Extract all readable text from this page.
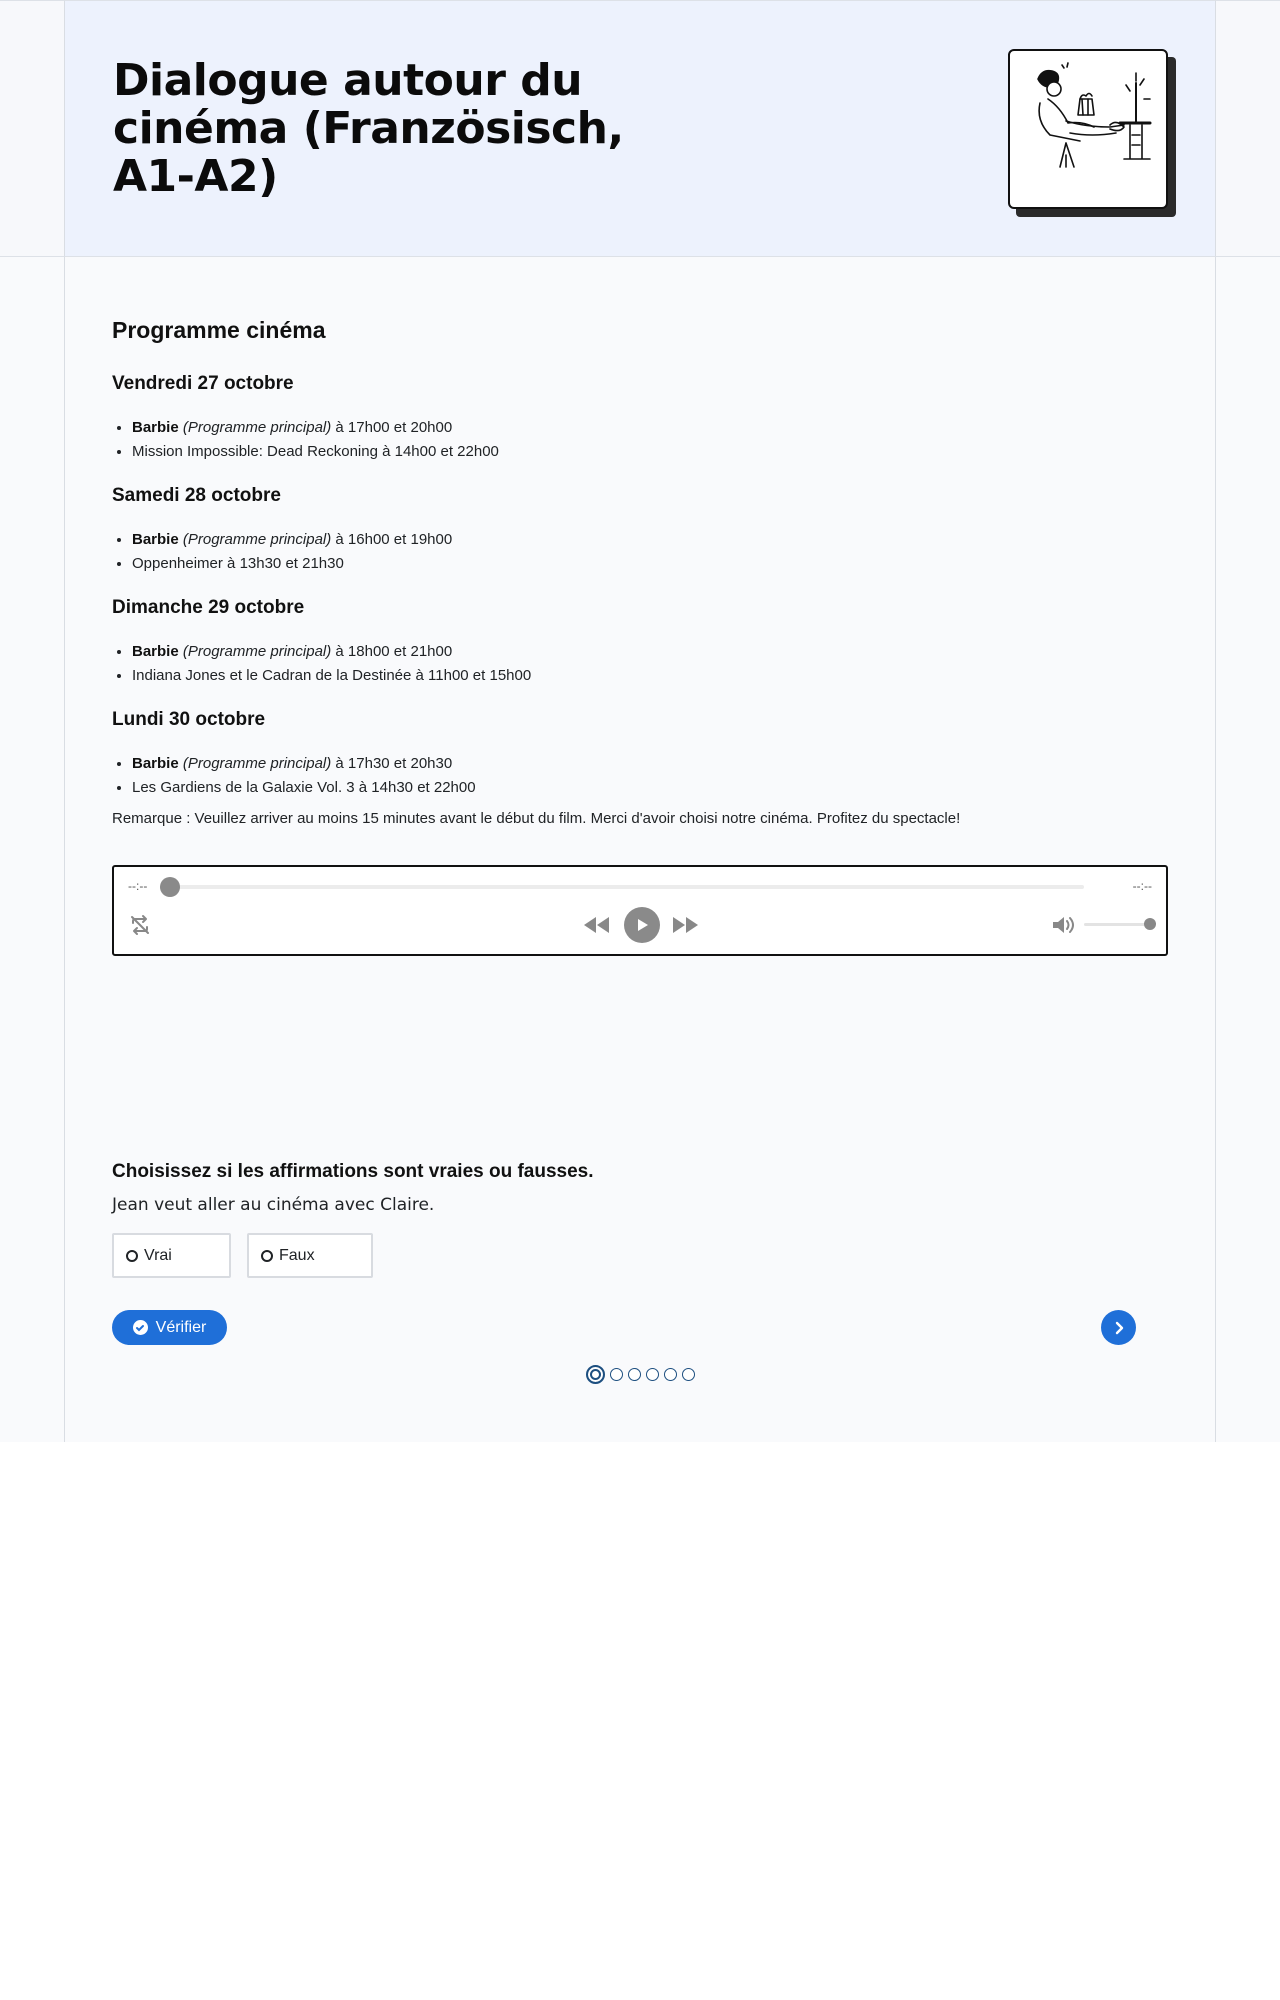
Dialogue autour du cinéma (Französisch, A1-A2)
Programme cinéma
Vendredi 27 octobre
• Barbie (Programme principal) à 17h00 et 20h00
• Mission Impossible: Dead Reckoning à 14h00 et 22h00
Samedi 28 octobre
• Barbie (Programme principal) à 16h00 et 19h00
• Oppenheimer à 13h30 et 21h30
Dimanche 29 octobre
• Barbie (Programme principal) à 18h00 et 21h00
• Indiana Jones et le Cadran de la Destinée à 11h00 et 15h00
Lundi 30 octobre
• Barbie (Programme principal) à 17h30 et 20h30
• Les Gardiens de la Galaxie Vol. 3 à 14h30 et 22h00

Remarque : Veuillez arriver au moins 15 minutes avant le début du film. Merci d'avoir choisi notre cinéma. Profitez du spectacle!

--:--	--:--
Choisissez si les affirmations sont vraies ou fausses.

Jean veut aller au cinéma avec Claire.

Vrai	Faux
Vérifier
